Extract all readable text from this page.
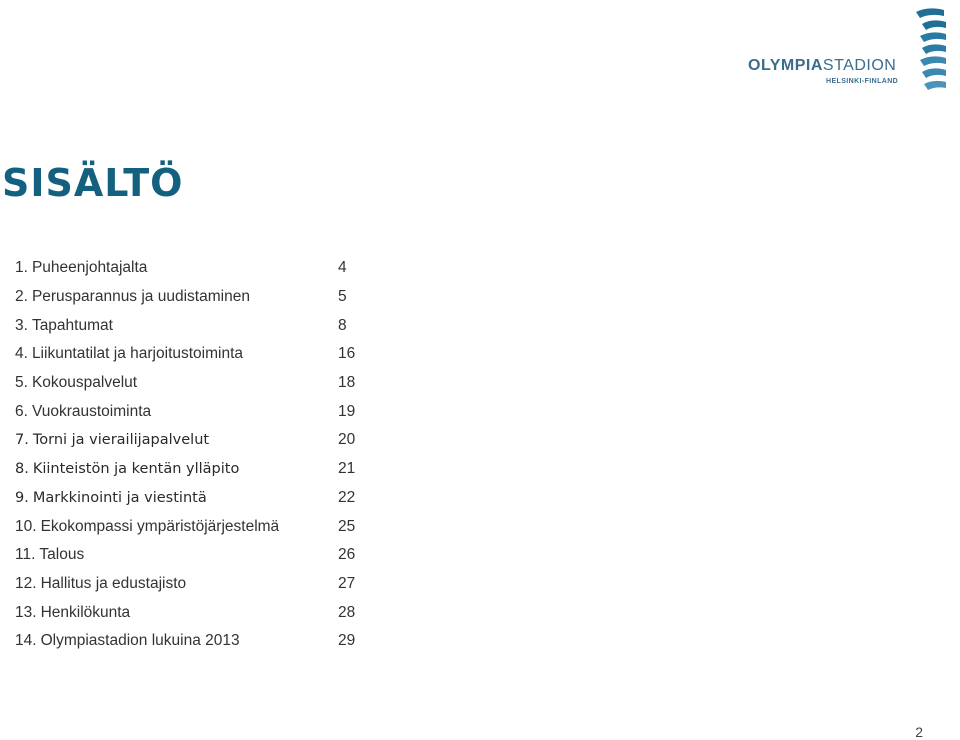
OLYMPIASTADION
HELSINKI-FINLAND
SISÄLTÖ
1. Puheenjohtajalta	4
2. Perusparannus ja uudistaminen	5
3. Tapahtumat	8
4. Liikuntatilat ja harjoitustoiminta	16
5. Kokouspalvelut	18
6. Vuokraustoiminta	19
7. Torni ja vierailijapalvelut	20
8. Kiinteistön ja kentän ylläpito	21
9. Markkinointi ja viestintä	22
10. Ekokompassi ympäristöjärjestelmä	25
11. Talous	26
12. Hallitus ja edustajisto	27
13. Henkilökunta	28
14. Olympiastadion lukuina 2013	29
2
